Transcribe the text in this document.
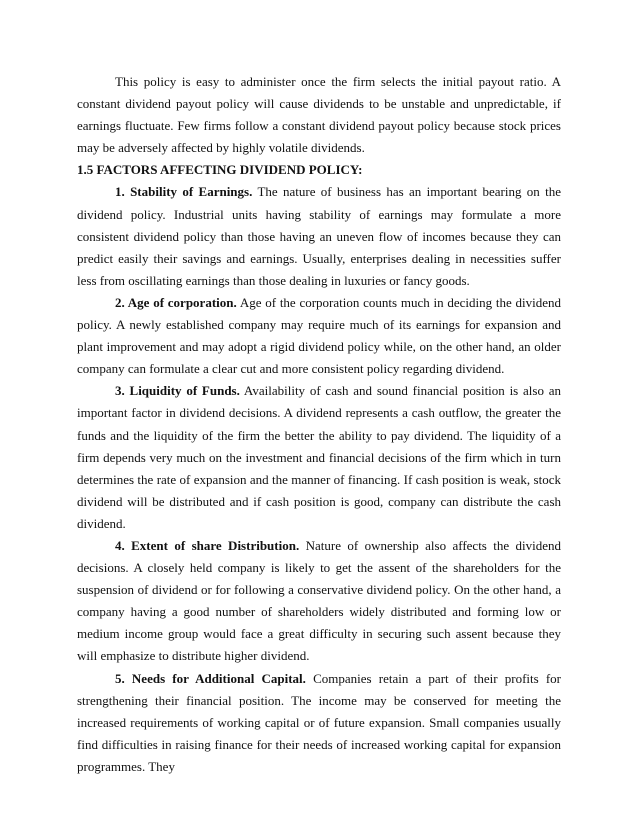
This policy is easy to administer once the firm selects the initial payout ratio. A constant dividend payout policy will cause dividends to be unstable and unpredictable, if earnings fluctuate. Few firms follow a constant dividend payout policy because stock prices may be adversely affected by highly volatile dividends.

1.5 FACTORS AFFECTING DIVIDEND POLICY:

1. Stability of Earnings. The nature of business has an important bearing on the dividend policy. Industrial units having stability of earnings may formulate a more consistent dividend policy than those having an uneven flow of incomes because they can predict easily their savings and earnings. Usually, enterprises dealing in necessities suffer less from oscillating earnings than those dealing in luxuries or fancy goods.

2. Age of corporation. Age of the corporation counts much in deciding the dividend policy. A newly established company may require much of its earnings for expansion and plant improvement and may adopt a rigid dividend policy while, on the other hand, an older company can formulate a clear cut and more consistent policy regarding dividend.

3. Liquidity of Funds. Availability of cash and sound financial position is also an important factor in dividend decisions. A dividend represents a cash outflow, the greater the funds and the liquidity of the firm the better the ability to pay dividend. The liquidity of a firm depends very much on the investment and financial decisions of the firm which in turn determines the rate of expansion and the manner of financing. If cash position is weak, stock dividend will be distributed and if cash position is good, company can distribute the cash dividend.

4. Extent of share Distribution. Nature of ownership also affects the dividend decisions. A closely held company is likely to get the assent of the shareholders for the suspension of dividend or for following a conservative dividend policy. On the other hand, a company having a good number of shareholders widely distributed and forming low or medium income group would face a great difficulty in securing such assent because they will emphasize to distribute higher dividend.

5. Needs for Additional Capital. Companies retain a part of their profits for strengthening their financial position. The income may be conserved for meeting the increased requirements of working capital or of future expansion. Small companies usually find difficulties in raising finance for their needs of increased working capital for expansion programmes. They
